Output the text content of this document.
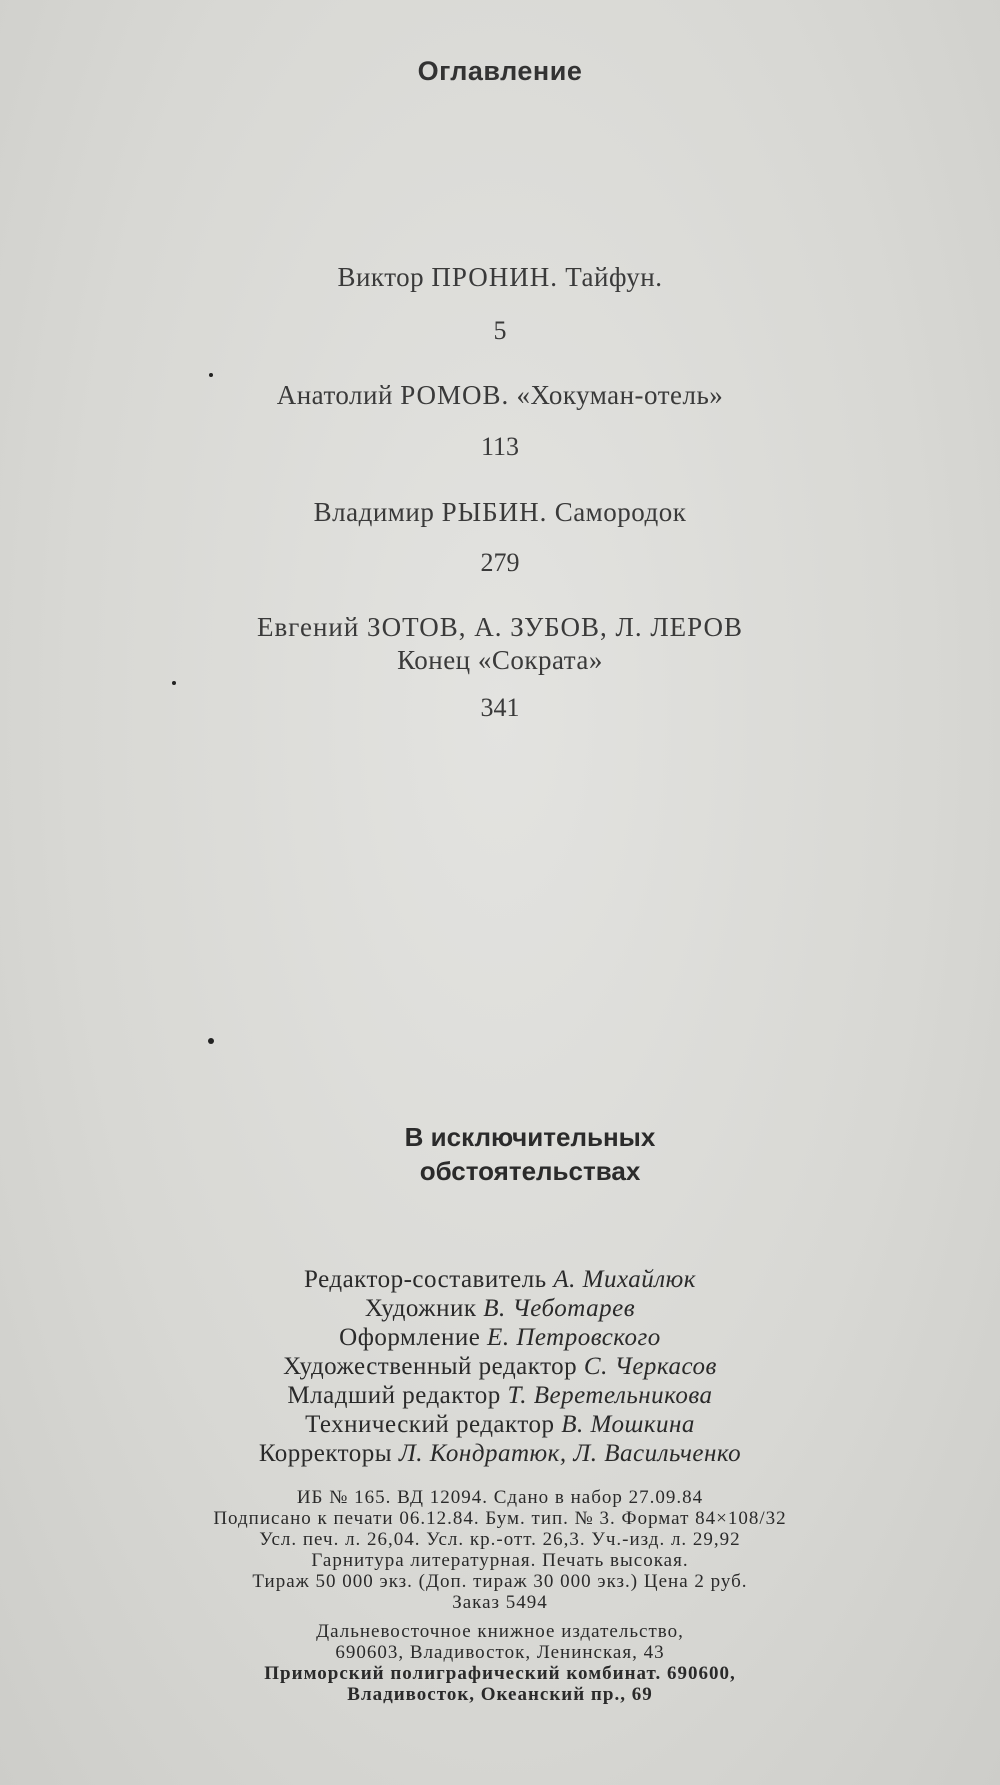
Оглавление
Виктор ПРОНИН. Тайфун.
5
Анатолий РОМОВ. «Хокуман-отель»
113
Владимир РЫБИН. Самородок
279
Евгений ЗОТОВ, А. ЗУБОВ, Л. ЛЕРОВ
Конец «Сократа»
341
В исключительных
обстоятельствах
Редактор-составитель А. Михайлюк
Художник В. Чеботарев
Оформление Е. Петровского
Художественный редактор С. Черкасов
Младший редактор Т. Веретельникова
Технический редактор В. Мошкина
Корректоры Л. Кондратюк, Л. Васильченко
ИБ № 165. ВД 12094. Сдано в набор 27.09.84
Подписано к печати 06.12.84. Бум. тип. № 3. Формат 84×108/32
Усл. печ. л. 26,04. Усл. кр.-отт. 26,3. Уч.-изд. л. 29,92
Гарнитура литературная. Печать высокая.
Тираж 50 000 экз. (Доп. тираж 30 000 экз.) Цена 2 руб.
Заказ 5494
Дальневосточное книжное издательство,
690603, Владивосток, Ленинская, 43
Приморский полиграфический комбинат. 690600,
Владивосток, Океанский пр., 69
